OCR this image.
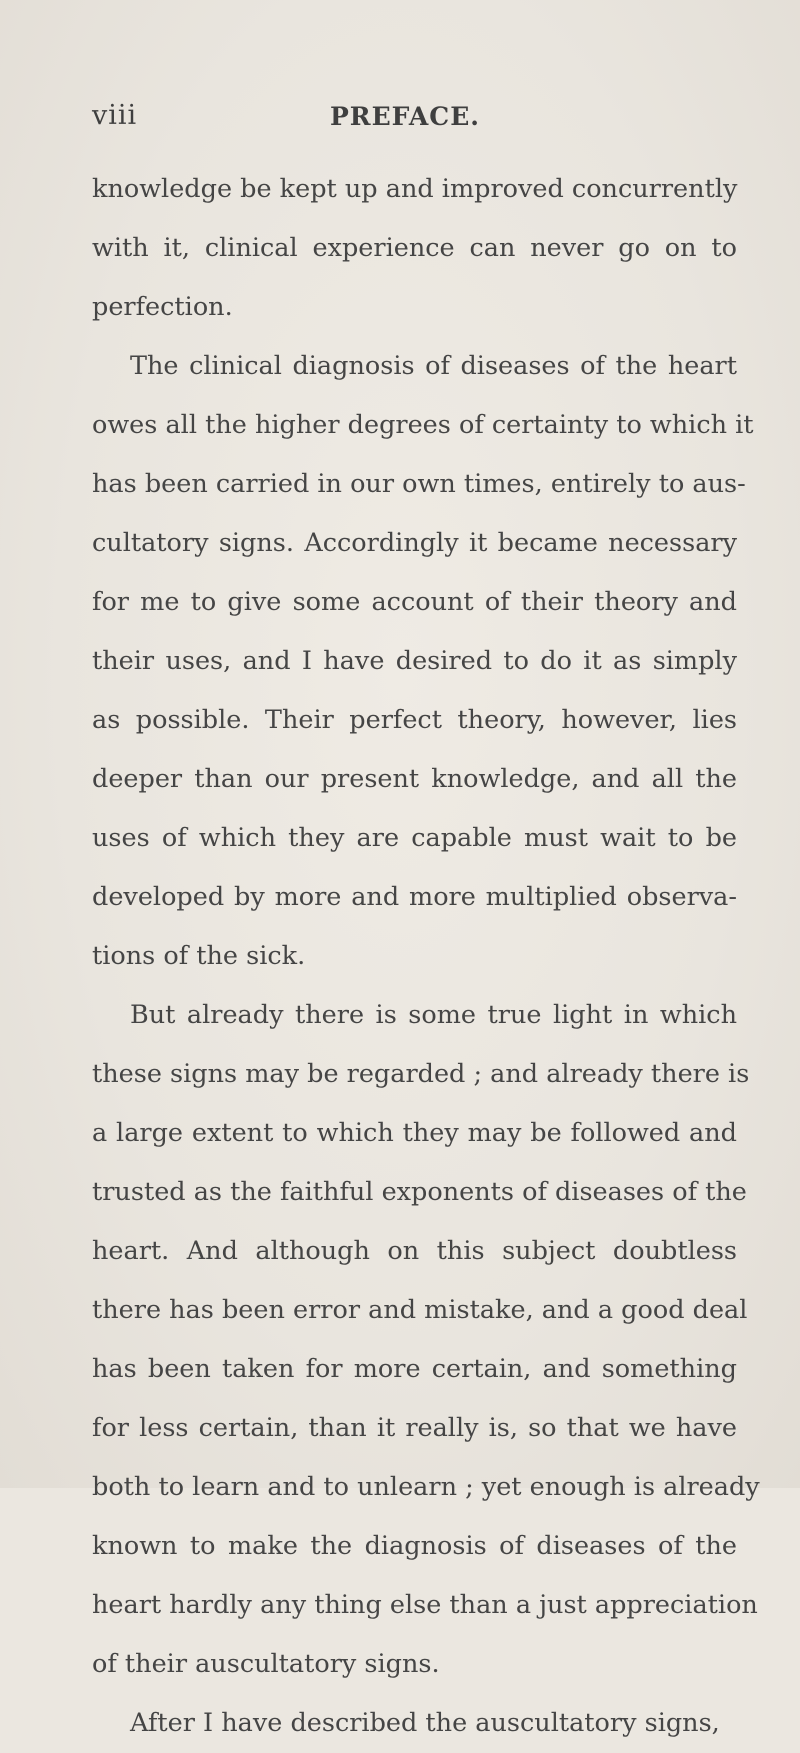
viii	PREFACE.
knowledge be kept up and improved concurrently
with it, clinical experience can never go on to
perfection.
The clinical diagnosis of diseases of the heart
owes all the higher degrees of certainty to which it
has been carried in our own times, entirely to aus-
cultatory signs. Accordingly it became necessary
for me to give some account of their theory and
their uses, and I have desired to do it as simply
as possible. Their perfect theory, however, lies
deeper than our present knowledge, and all the
uses of which they are capable must wait to be
developed by more and more multiplied observa-
tions of the sick.
But already there is some true light in which
these signs may be regarded ; and already there is
a large extent to which they may be followed and
trusted as the faithful exponents of diseases of the
heart. And although on this subject doubtless
there has been error and mistake, and a good deal
has been taken for more certain, and something
for less certain, than it really is, so that we have
both to learn and to unlearn ; yet enough is already
known to make the diagnosis of diseases of the
heart hardly any thing else than a just appreciation
of their auscultatory signs.
After I have described the auscultatory signs,
